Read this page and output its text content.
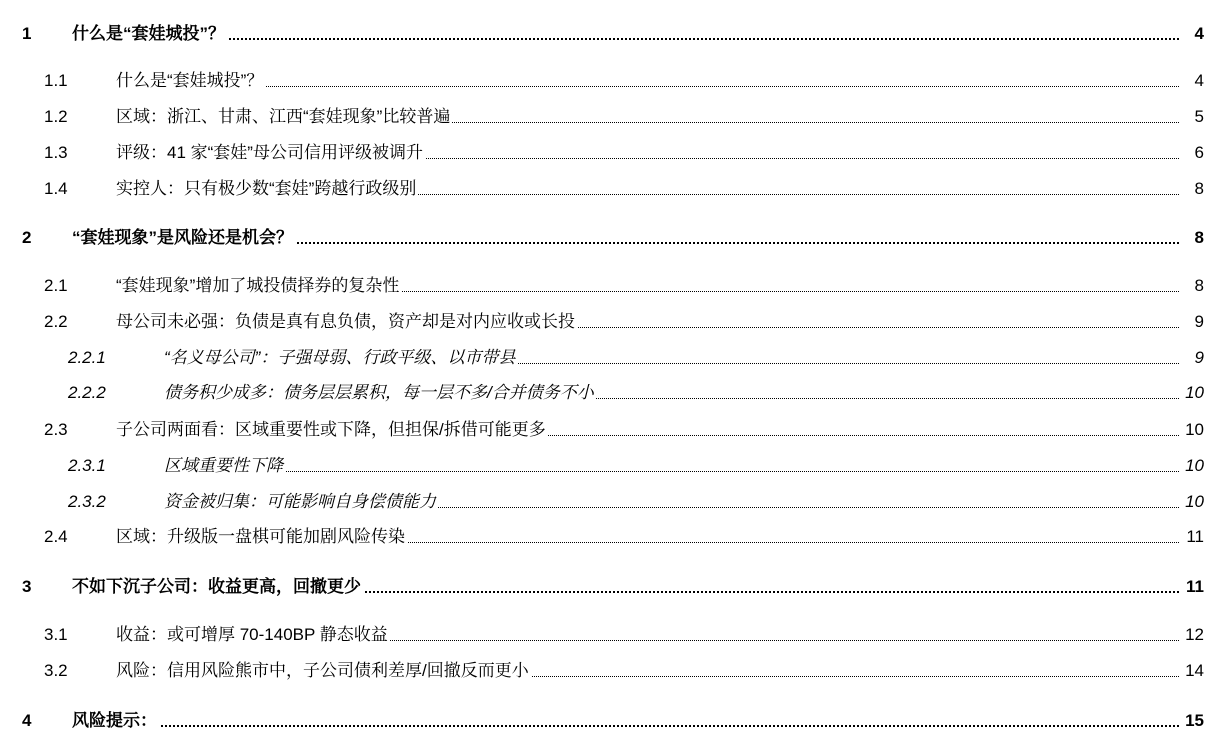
1 什么是“套娃城投”？	4
1.1	什么是“套娃城投”？	4
1.2	区域：浙江、甘肃、江西“套娃现象”比较普遍	5
1.3	评级：41 家“套娃”母公司信用评级被调升	6
1.4	实控人：只有极少数“套娃”跨越行政级别	8
2 “套娃现象”是风险还是机会？	8
2.1	“套娃现象”增加了城投债择券的复杂性	8
2.2	母公司未必强：负债是真有息负债，资产却是对内应收或长投	9
2.2.1	“名义母公司”：子强母弱、行政平级、以市带县	9
2.2.2	债务积少成多：债务层层累积，每一层不多/合并债务不小	10
2.3	子公司两面看：区域重要性或下降，但担保/拆借可能更多	10
2.3.1	区域重要性下降	10
2.3.2	资金被归集：可能影响自身偿债能力	10
2.4	区域：升级版一盘棋可能加剧风险传染	11
3 不如下沉子公司：收益更高，回撤更少	11
3.1	收益：或可增厚 70-140BP 静态收益	12
3.2	风险：信用风险熊市中，子公司债利差厚/回撤反而更小	14
4 风险提示：	15
